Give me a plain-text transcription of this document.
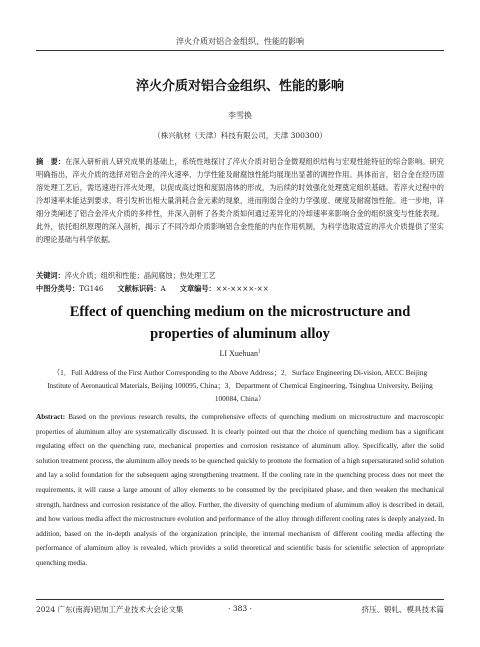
淬火介质对铝合金组织、性能的影响
淬火介质对铝合金组织、性能的影响
李雪换
（株兴航材（天津）科技有限公司，天津 300300）
摘　要：在深入研析前人研究成果的基础上，系统性地探讨了淬火介质对铝合金微观组织结构与宏观性能特征的综合影响。研究明确指出，淬火介质的选择对铝合金的淬火速率、力学性能及耐腐蚀性能均展现出显著的调控作用。具体而言，铝合金在经历固溶处理工艺后，需迅速进行淬火处理，以促成高过饱和度固溶体的形成，为后续的时效强化处理奠定组织基础。若淬火过程中的冷却速率未能达到要求，将引发析出相大量消耗合金元素的现象，进而削弱合金的力学强度、硬度及耐腐蚀性能。进一步地，详细分类阐述了铝合金淬火介质的多样性，并深入剖析了各类介质如何通过差异化的冷却速率来影响合金的组织演变与性能表现。此外，依托组织原理的深入剖析，揭示了不同冷却介质影响铝合金性能的内在作用机制，为科学选取适宜的淬火介质提供了坚实的理论基础与科学依据。
关键词：淬火介质；组织和性能；晶间腐蚀；热处理工艺
中图分类号：TG146 文献标识码：A 文章编号：××-××××-××
Effect of quenching medium on the microstructure and properties of aluminum alloy
LI Xuehuan$^1$
（1．Full Address of the First Author Corresponding to the Above Address；2．Surface Engineering Di-vision, AECC Beijing Institute of Aeronautical Materials, Beijing 100095, China；3．Department of Chemical Engineering, Tsinghua University, Beijing 100084, China）
Abstract: Based on the previous research results, the comprehensive effects of quenching medium on microstructure and macroscopic properties of aluminum alloy are systematically discussed. It is clearly pointed out that the choice of quenching medium has a significant regulating effect on the quenching rate, mechanical properties and corrosion resistance of aluminum alloy. Specifically, after the solid solution treatment process, the aluminum alloy needs to be quenched quickly to promote the formation of a high supersaturated solid solution and lay a solid foundation for the subsequent aging strengthening treatment. If the cooling rate in the quenching process does not meet the requirements, it will cause a large amount of alloy elements to be consumed by the precipitated phase, and then weaken the mechanical strength, hardness and corrosion resistance of the alloy. Further, the diversity of quenching medium of aluminum alloy is described in detail, and how various media affect the microstructure evolution and performance of the alloy through different cooling rates is deeply analyzed. In addition, based on the in-depth analysis of the organization principle, the internal mechanism of different cooling media affecting the performance of aluminum alloy is revealed, which provides a solid theoretical and scientific basis for scientific selection of appropriate quenching media.
2024 广东(南海)铝加工产业技术大会论文集	· 383 ·	挤压、锻轧、模具技术篇
